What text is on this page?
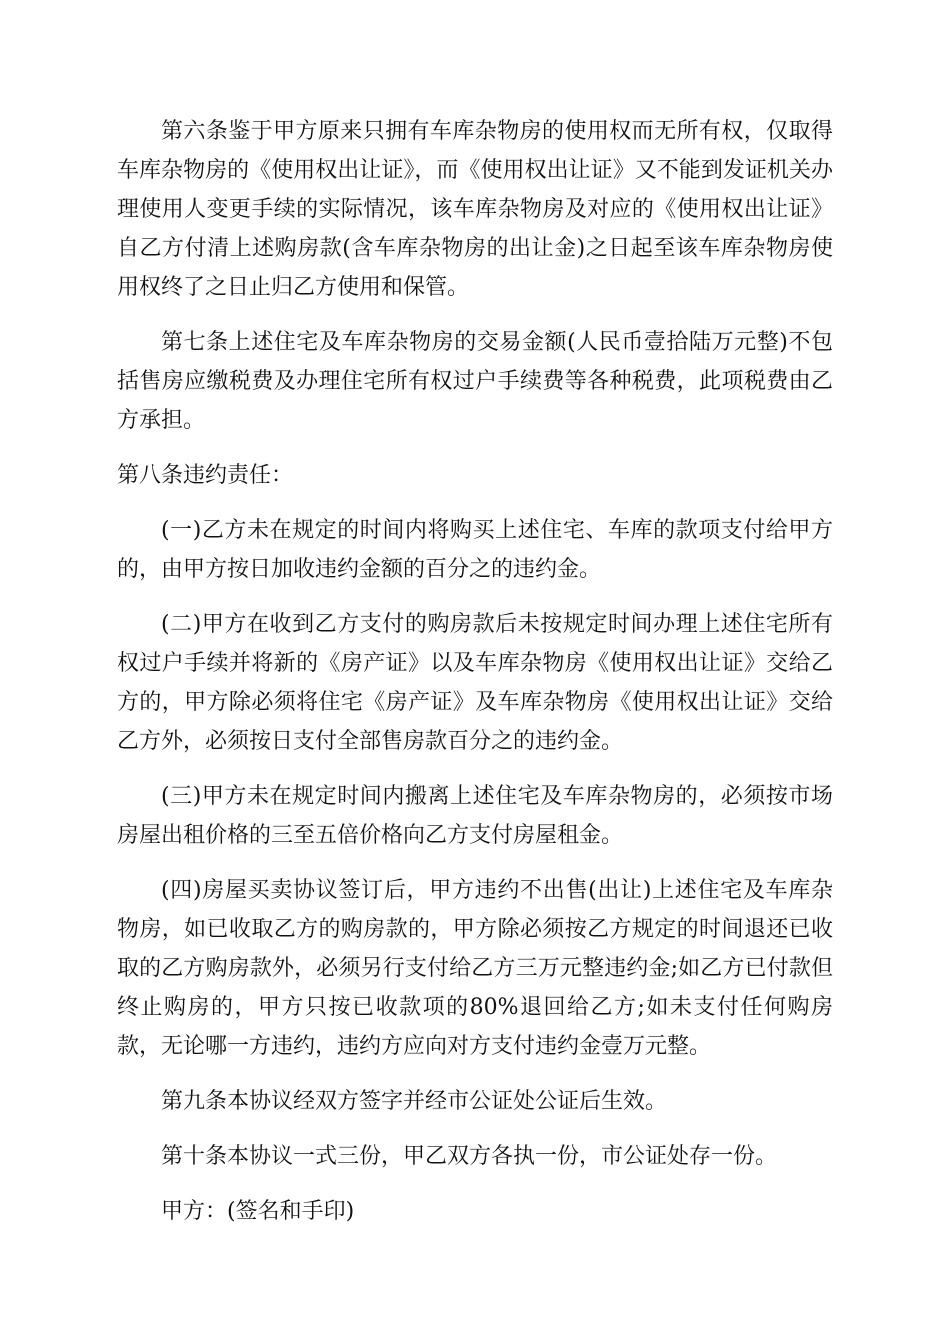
第六条鉴于甲方原来只拥有车库杂物房的使用权而无所有权，仅取得车库杂物房的《使用权出让证》，而《使用权出让证》又不能到发证机关办理使用人变更手续的实际情况，该车库杂物房及对应的《使用权出让证》自乙方付清上述购房款(含车库杂物房的出让金)之日起至该车库杂物房使用权终了之日止归乙方使用和保管。

第七条上述住宅及车库杂物房的交易金额(人民币壹拾陆万元整)不包括售房应缴税费及办理住宅所有权过户手续费等各种税费，此项税费由乙方承担。

第八条违约责任：

(一)乙方未在规定的时间内将购买上述住宅、车库的款项支付给甲方的，由甲方按日加收违约金额的百分之的违约金。

(二)甲方在收到乙方支付的购房款后未按规定时间办理上述住宅所有权过户手续并将新的《房产证》以及车库杂物房《使用权出让证》交给乙方的，甲方除必须将住宅《房产证》及车库杂物房《使用权出让证》交给乙方外，必须按日支付全部售房款百分之的违约金。

(三)甲方未在规定时间内搬离上述住宅及车库杂物房的，必须按市场房屋出租价格的三至五倍价格向乙方支付房屋租金。

(四)房屋买卖协议签订后，甲方违约不出售(出让)上述住宅及车库杂物房，如已收取乙方的购房款的，甲方除必须按乙方规定的时间退还已收取的乙方购房款外，必须另行支付给乙方三万元整违约金;如乙方已付款但终止购房的，甲方只按已收款项的80%退回给乙方;如未支付任何购房款，无论哪一方违约，违约方应向对方支付违约金壹万元整。

第九条本协议经双方签字并经市公证处公证后生效。

第十条本协议一式三份，甲乙双方各执一份，市公证处存一份。

甲方：(签名和手印)
